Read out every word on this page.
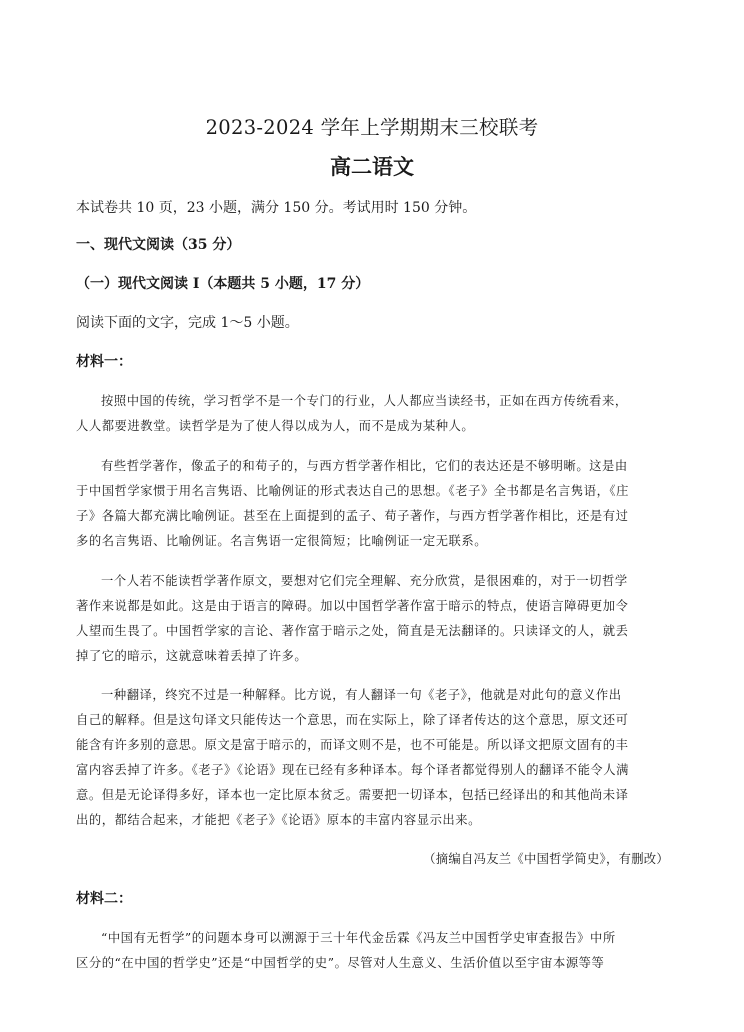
2023-2024 学年上学期期末三校联考
高二语文
本试卷共 10 页，23 小题，满分 150 分。考试用时 150 分钟。
一、现代文阅读（35 分）
（一）现代文阅读 I（本题共 5 小题，17 分）
阅读下面的文字，完成 1～5 小题。
材料一：
按照中国的传统，学习哲学不是一个专门的行业，人人都应当读经书，正如在西方传统看来，
人人都要进教堂。读哲学是为了使人得以成为人，而不是成为某种人。
有些哲学著作，像孟子的和荀子的，与西方哲学著作相比，它们的表达还是不够明晰。这是由
于中国哲学家惯于用名言隽语、比喻例证的形式表达自己的思想。《老子》全书都是名言隽语，《庄
子》各篇大都充满比喻例证。甚至在上面提到的孟子、荀子著作，与西方哲学著作相比，还是有过
多的名言隽语、比喻例证。名言隽语一定很简短；比喻例证一定无联系。
一个人若不能读哲学著作原文，要想对它们完全理解、充分欣赏，是很困难的，对于一切哲学
著作来说都是如此。这是由于语言的障碍。加以中国哲学著作富于暗示的特点，使语言障碍更加令
人望而生畏了。中国哲学家的言论、著作富于暗示之处，简直是无法翻译的。只读译文的人，就丢
掉了它的暗示，这就意味着丢掉了许多。
一种翻译，终究不过是一种解释。比方说，有人翻译一句《老子》，他就是对此句的意义作出
自己的解释。但是这句译文只能传达一个意思，而在实际上，除了译者传达的这个意思，原文还可
能含有许多别的意思。原文是富于暗示的，而译文则不是，也不可能是。所以译文把原文固有的丰
富内容丢掉了许多。《老子》《论语》现在已经有多种译本。每个译者都觉得别人的翻译不能令人满
意。但是无论译得多好，译本也一定比原本贫乏。需要把一切译本，包括已经译出的和其他尚未译
出的，都结合起来，才能把《老子》《论语》原本的丰富内容显示出来。
（摘编自冯友兰《中国哲学简史》，有删改）
材料二：
“中国有无哲学”的问题本身可以溯源于三十年代金岳霖《冯友兰中国哲学史审查报告》中所
区分的“在中国的哲学史”还是“中国哲学的史”。尽管对人生意义、生活价值以至宇宙本源等等
